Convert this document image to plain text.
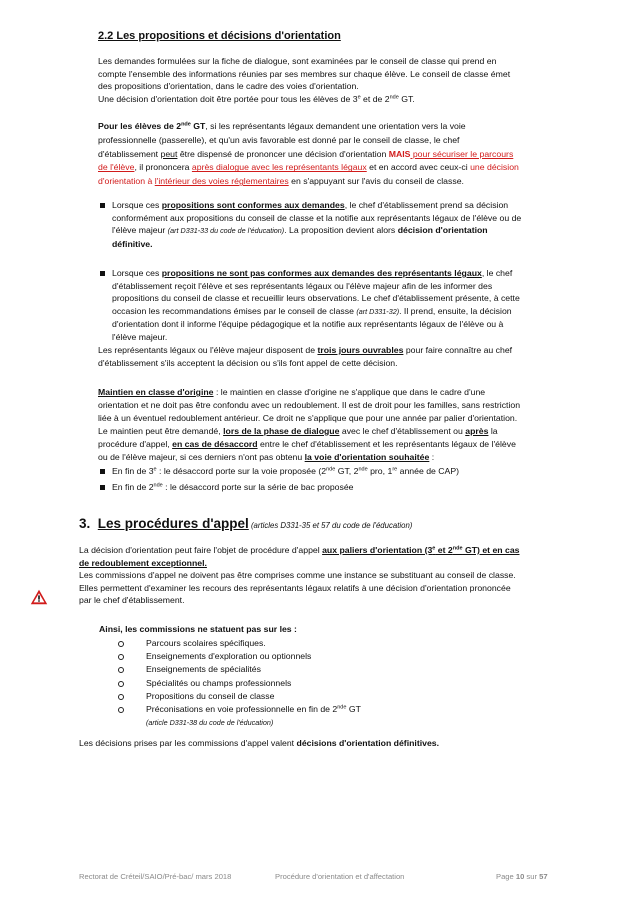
2.2 Les propositions et décisions d'orientation

Les demandes formulées sur la fiche de dialogue, sont examinées par le conseil de classe qui prend en
compte l'ensemble des informations réunies par ses membres sur chaque élève. Le conseil de classe émet
des propositions d'orientation, dans le cadre des voies d'orientation.
Une décision d'orientation doit être portée pour tous les élèves de 3e et de 2nde GT.

Pour les élèves de 2nde GT, si les représentants légaux demandent une orientation vers la voie
professionnelle (passerelle), et qu'un avis favorable est donné par le conseil de classe, le chef
d'établissement peut être dispensé de prononcer une décision d'orientation MAIS pour sécuriser le parcours
de l'élève, il prononcera après dialogue avec les représentants légaux et en accord avec ceux-ci une décision
d'orientation à l'intérieur des voies réglementaires en s'appuyant sur l'avis du conseil de classe.

Lorsque ces propositions sont conformes aux demandes, le chef d'établissement prend sa décision
conformément aux propositions du conseil de classe et la notifie aux représentants légaux de l'élève ou de
l'élève majeur (art D331-33 du code de l'éducation). La proposition devient alors décision d'orientation
définitive.
Lorsque ces propositions ne sont pas conformes aux demandes des représentants légaux, le chef
d'établissement reçoit l'élève et ses représentants légaux ou l'élève majeur afin de les informer des
propositions du conseil de classe et recueillir leurs observations. Le chef d'établissement présente, à cette
occasion les recommandations émises par le conseil de classe (art D331-32). Il prend, ensuite, la décision
d'orientation dont il informe l'équipe pédagogique et la notifie aux représentants légaux de l'élève ou à
l'élève majeur.

Les représentants légaux ou l'élève majeur disposent de trois jours ouvrables pour faire connaître au chef
d'établissement s'ils acceptent la décision ou s'ils font appel de cette décision.

Maintien en classe d'origine : le maintien en classe d'origine ne s'applique que dans le cadre d'une
orientation et ne doit pas être confondu avec un redoublement. Il est de droit pour les familles, sans restriction
liée à un éventuel redoublement antérieur. Ce droit ne s'applique que pour une année par palier d'orientation.
Le maintien peut être demandé, lors de la phase de dialogue avec le chef d'établissement ou après la
procédure d'appel, en cas de désaccord entre le chef d'établissement et les représentants légaux de l'élève
ou de l'élève majeur, si ces derniers n'ont pas obtenu la voie d'orientation souhaitée :

En fin de 3e : le désaccord porte sur la voie proposée (2nde GT, 2nde pro, 1re année de CAP)
En fin de 2nde : le désaccord porte sur la série de bac proposée
3. Les procédures d'appel (articles D331-35 et 57 du code de l'éducation)

La décision d'orientation peut faire l'objet de procédure d'appel aux paliers d'orientation (3e et 2nde GT) et en cas
de redoublement exceptionnel.
Les commissions d'appel ne doivent pas être comprises comme une instance se substituant au conseil de classe.
Elles permettent d'examiner les recours des représentants légaux relatifs à une décision d'orientation prononcée
par le chef d'établissement.

Ainsi, les commissions ne statuent pas sur les :

Parcours scolaires spécifiques.
Enseignements d'exploration ou optionnels
Enseignements de spécialités
Spécialités ou champs professionnels
Propositions du conseil de classe
Préconisations en voie professionnelle en fin de 2nde GT
(article D331-38 du code de l'éducation)

Les décisions prises par les commissions d'appel valent décisions d'orientation définitives.

Rectorat de Créteil/SAIO/Pré-bac/ mars 2018	Procédure d'orientation et d'affectation	Page 10 sur 57
